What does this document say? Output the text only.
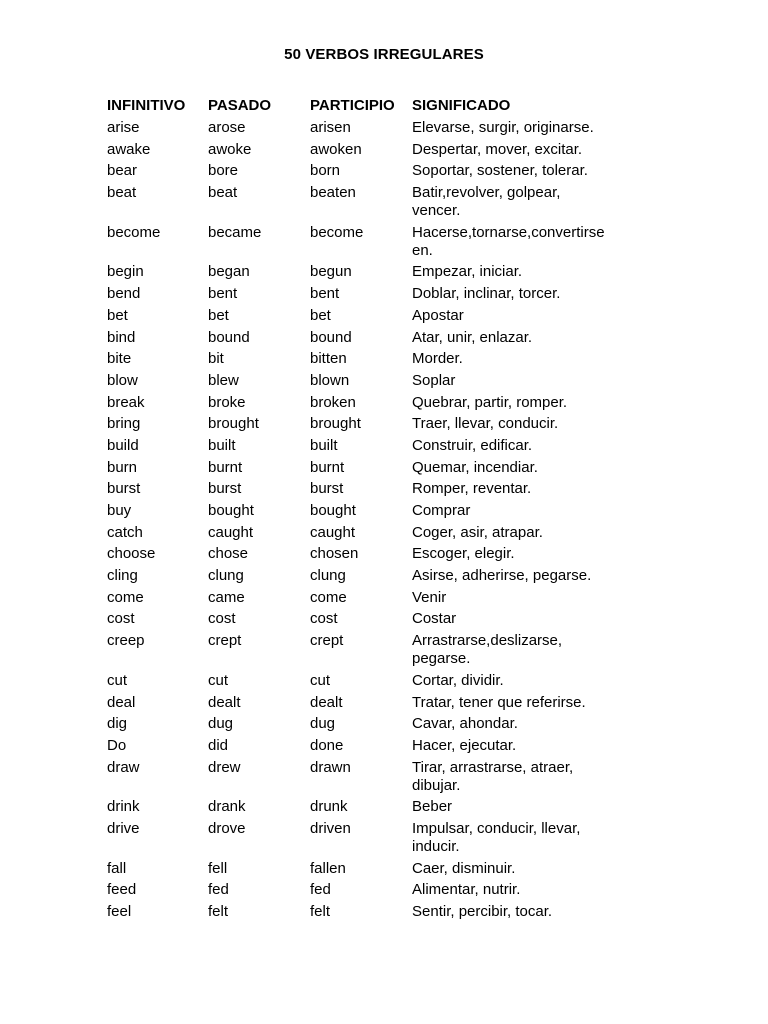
50 VERBOS IRREGULARES
INFINITIVO	PASADO	PARTICIPIO	SIGNIFICADO
arise	arose	arisen	Elevarse, surgir, originarse.
awake	awoke	awoken	Despertar, mover, excitar.
bear	bore	born	Soportar, sostener, tolerar.
beat	beat	beaten	Batir,revolver, golpear, vencer.
become	became	become	Hacerse,tornarse,convertirse en.
begin	began	begun	Empezar, iniciar.
bend	bent	bent	Doblar, inclinar, torcer.
bet	bet	bet	Apostar
bind	bound	bound	Atar, unir, enlazar.
bite	bit	bitten	Morder.
blow	blew	blown	Soplar
break	broke	broken	Quebrar, partir, romper.
bring	brought	brought	Traer, llevar, conducir.
build	built	built	Construir, edificar.
burn	burnt	burnt	Quemar, incendiar.
burst	burst	burst	Romper, reventar.
buy	bought	bought	Comprar
catch	caught	caught	Coger, asir, atrapar.
choose	chose	chosen	Escoger, elegir.
cling	clung	clung	Asirse, adherirse, pegarse.
come	came	come	Venir
cost	cost	cost	Costar
creep	crept	crept	Arrastrarse,deslizarse, pegarse.
cut	cut	cut	Cortar, dividir.
deal	dealt	dealt	Tratar, tener que referirse.
dig	dug	dug	Cavar, ahondar.
Do	did	done	Hacer, ejecutar.
draw	drew	drawn	Tirar, arrastrarse, atraer, dibujar.
drink	drank	drunk	Beber
drive	drove	driven	Impulsar, conducir, llevar, inducir.
fall	fell	fallen	Caer, disminuir.
feed	fed	fed	Alimentar, nutrir.
feel	felt	felt	Sentir, percibir, tocar.
